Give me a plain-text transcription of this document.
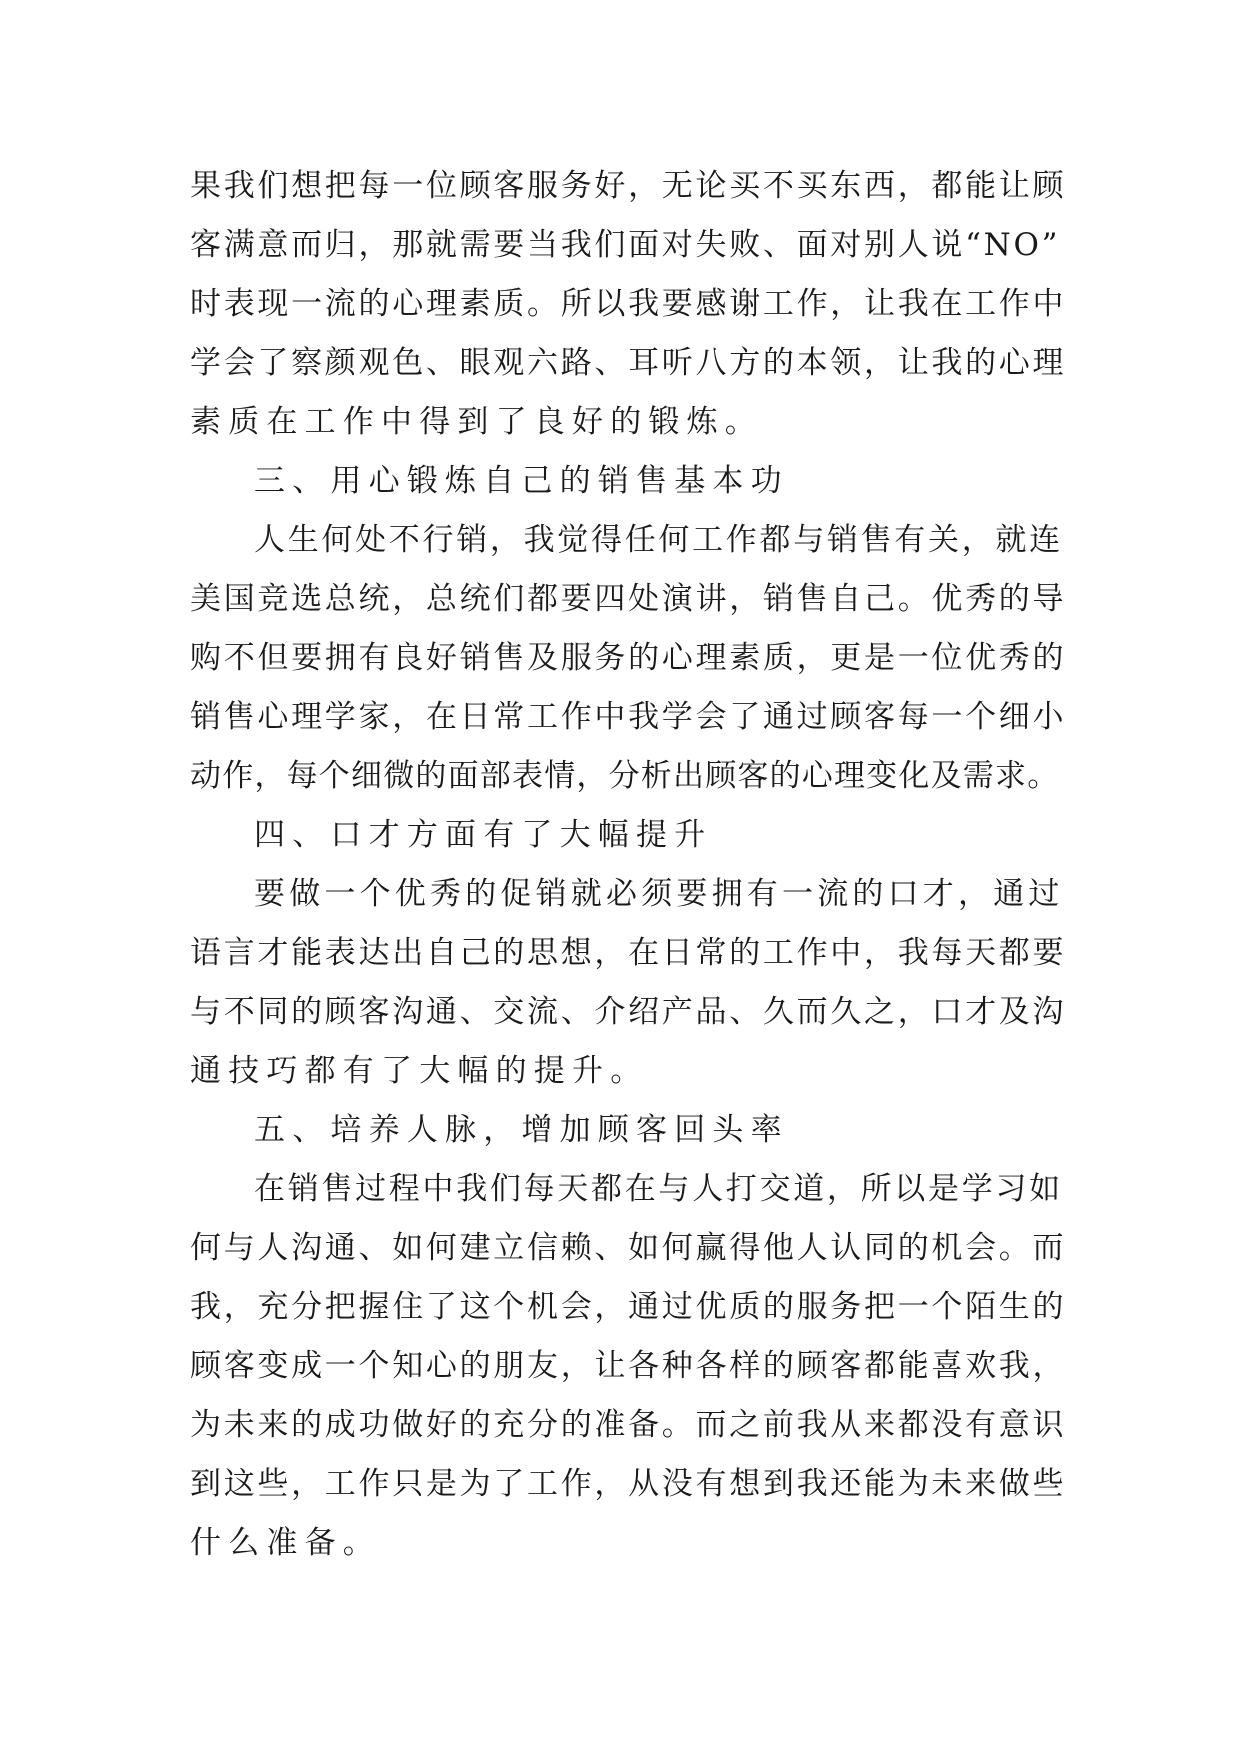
果我们想把每一位顾客服务好，无论买不买东西，都能让顾
客满意而归，那就需要当我们面对失败、面对别人说“NO”
时表现一流的心理素质。所以我要感谢工作，让我在工作中
学会了察颜观色、眼观六路、耳听八方的本领，让我的心理
素质在工作中得到了良好的锻炼。
三、用心锻炼自己的销售基本功
人生何处不行销，我觉得任何工作都与销售有关，就连
美国竞选总统，总统们都要四处演讲，销售自己。优秀的导
购不但要拥有良好销售及服务的心理素质，更是一位优秀的
销售心理学家，在日常工作中我学会了通过顾客每一个细小
动作，每个细微的面部表情，分析出顾客的心理变化及需求。
四、口才方面有了大幅提升
要做一个优秀的促销就必须要拥有一流的口才，通过
语言才能表达出自己的思想，在日常的工作中，我每天都要
与不同的顾客沟通、交流、介绍产品、久而久之，口才及沟
通技巧都有了大幅的提升。
五、培养人脉，增加顾客回头率
在销售过程中我们每天都在与人打交道，所以是学习如
何与人沟通、如何建立信赖、如何赢得他人认同的机会。而
我，充分把握住了这个机会，通过优质的服务把一个陌生的
顾客变成一个知心的朋友，让各种各样的顾客都能喜欢我，
为未来的成功做好的充分的准备。而之前我从来都没有意识
到这些，工作只是为了工作，从没有想到我还能为未来做些
什么准备。
